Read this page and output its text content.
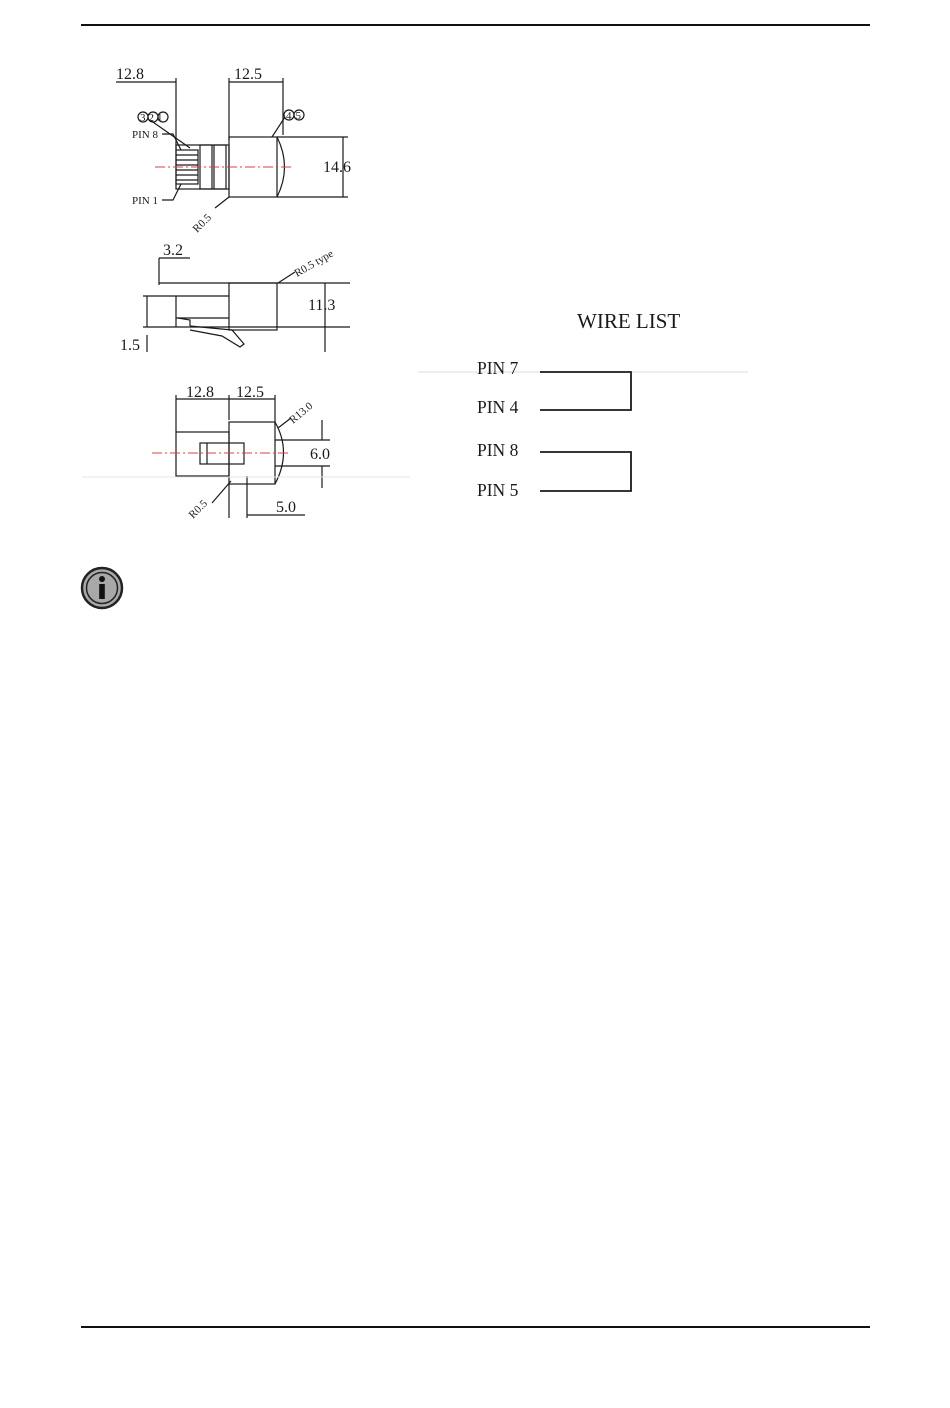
12.8	12.5
14.6
PIN 8
PIN 1
321	45
R0.5
3.2
11.3
1.5
R0.5 type
12.8 12.5
6.0
5.0
R13.0
R0.5
WIRE LIST
PIN 7
PIN 4
PIN 8
PIN 5
